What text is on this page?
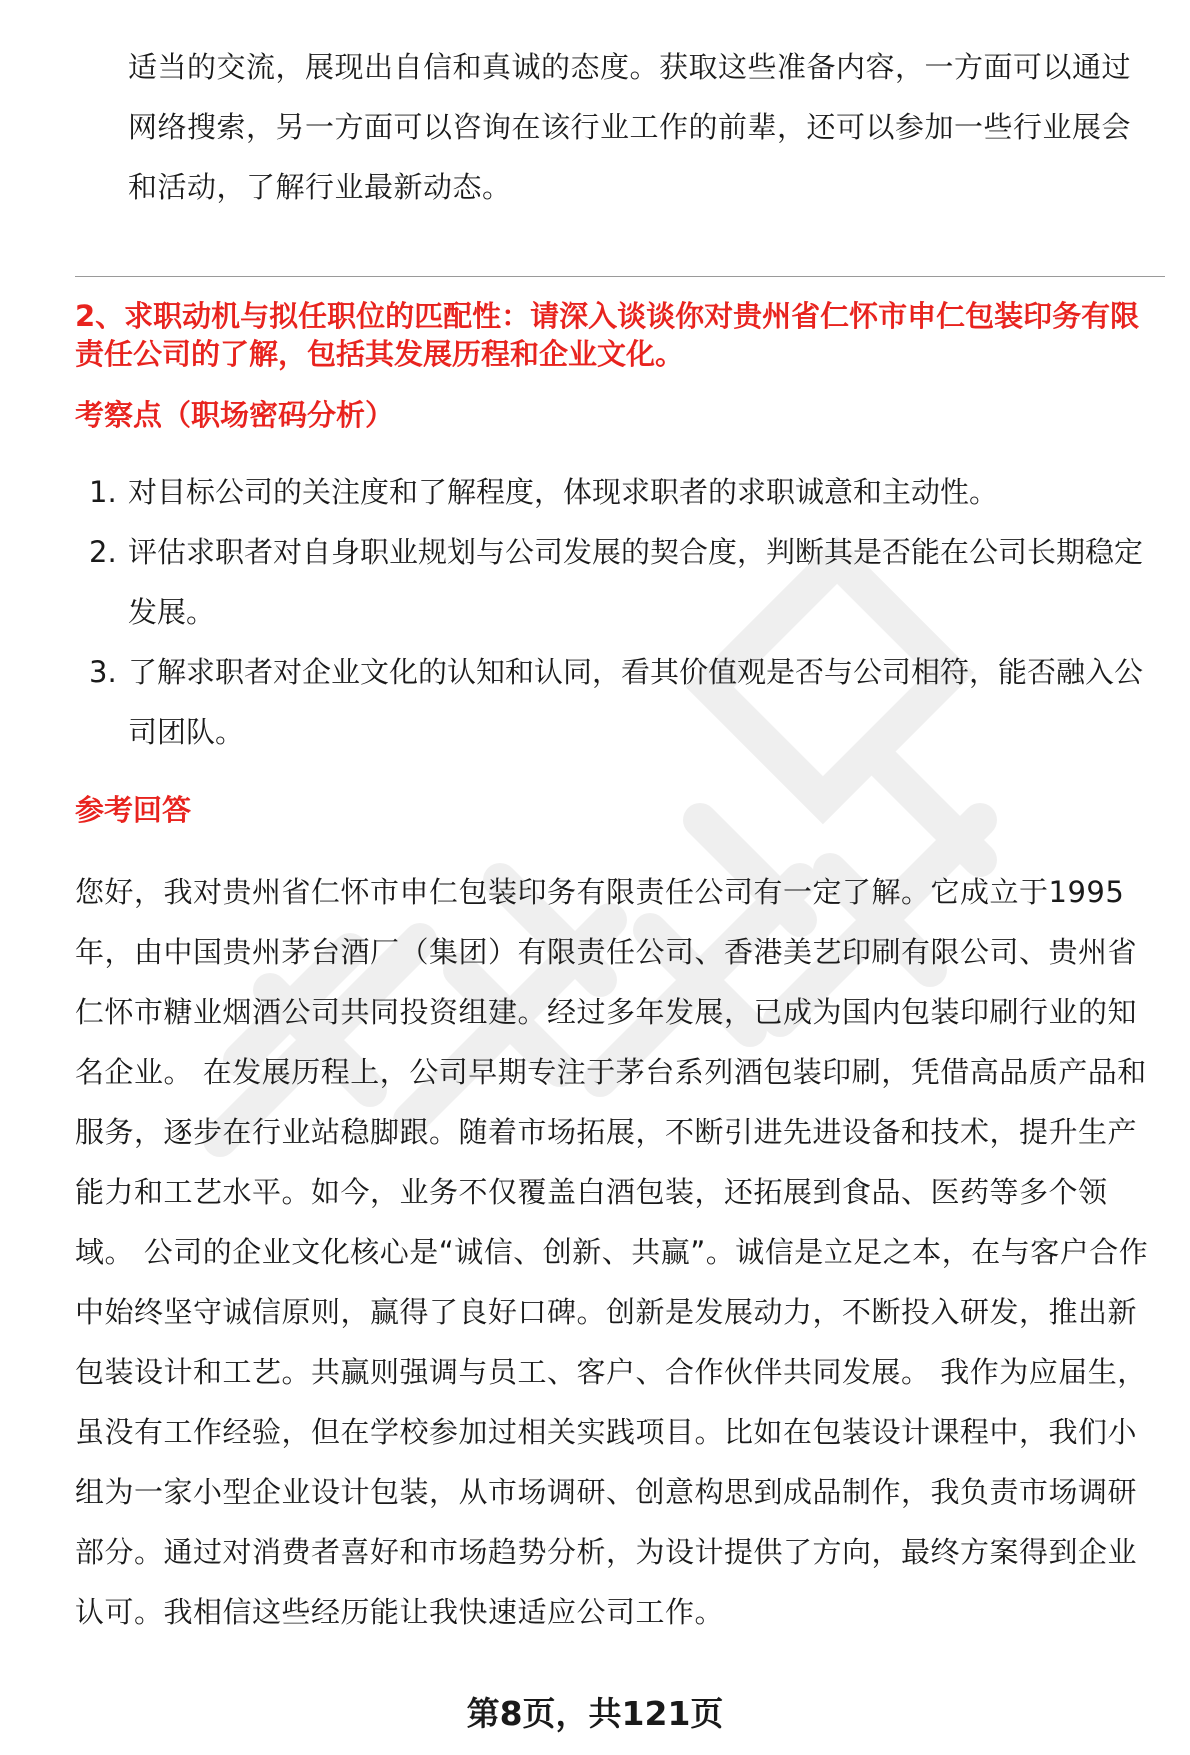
适当的交流，展现出自信和真诚的态度。获取这些准备内容，一方面可以通过网络搜索，另一方面可以咨询在该行业工作的前辈，还可以参加一些行业展会和活动，了解行业最新动态。
2、求职动机与拟任职位的匹配性：请深入谈谈你对贵州省仁怀市申仁包装印务有限责任公司的了解，包括其发展历程和企业文化。
考察点（职场密码分析）
1. 对目标公司的关注度和了解程度，体现求职者的求职诚意和主动性。
2. 评估求职者对自身职业规划与公司发展的契合度，判断其是否能在公司长期稳定发展。
3. 了解求职者对企业文化的认知和认同，看其价值观是否与公司相符，能否融入公司团队。
参考回答
您好，我对贵州省仁怀市申仁包装印务有限责任公司有一定了解。它成立于1995年，由中国贵州茅台酒厂（集团）有限责任公司、香港美艺印刷有限公司、贵州省仁怀市糖业烟酒公司共同投资组建。经过多年发展，已成为国内包装印刷行业的知名企业。 在发展历程上，公司早期专注于茅台系列酒包装印刷，凭借高品质产品和服务，逐步在行业站稳脚跟。随着市场拓展，不断引进先进设备和技术，提升生产能力和工艺水平。如今，业务不仅覆盖白酒包装，还拓展到食品、医药等多个领域。 公司的企业文化核心是“诚信、创新、共赢”。诚信是立足之本，在与客户合作中始终坚守诚信原则，赢得了良好口碑。创新是发展动力，不断投入研发，推出新包装设计和工艺。共赢则强调与员工、客户、合作伙伴共同发展。 我作为应届生，虽没有工作经验，但在学校参加过相关实践项目。比如在包装设计课程中，我们小组为一家小型企业设计包装，从市场调研、创意构思到成品制作，我负责市场调研部分。通过对消费者喜好和市场趋势分析，为设计提供了方向，最终方案得到企业认可。我相信这些经历能让我快速适应公司工作。
第8页，共121页
